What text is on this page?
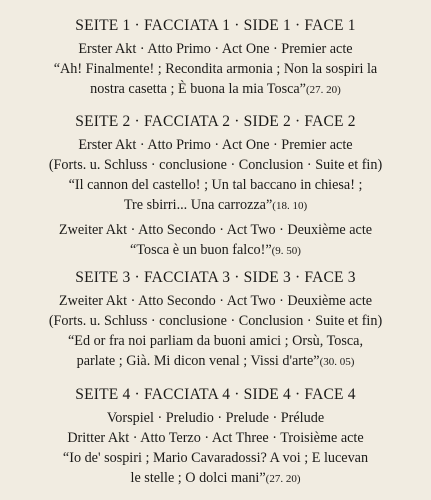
SEITE 1 · FACCIATA 1 · SIDE 1 · FACE 1

Erster Akt · Atto Primo · Act One · Premier acte

“Ah! Finalmente! ; Recondita armonia ; Non la sospiri la

nostra casetta ; È buona la mia Tosca”(27. 20)

SEITE 2 · FACCIATA 2 · SIDE 2 · FACE 2

Erster Akt · Atto Primo · Act One · Premier acte

(Forts. u. Schluss · conclusione · Conclusion · Suite et fin)

“Il cannon del castello! ; Un tal baccano in chiesa! ;

Tre sbirri... Una carrozza”(18. 10)

Zweiter Akt · Atto Secondo · Act Two · Deuxième acte

“Tosca è un buon falco!”(9. 50)

SEITE 3 · FACCIATA 3 · SIDE 3 · FACE 3

Zweiter Akt · Atto Secondo · Act Two · Deuxième acte

(Forts. u. Schluss · conclusione · Conclusion · Suite et fin)

“Ed or fra noi parliam da buoni amici ; Orsù, Tosca,

parlate ; Già. Mi dicon venal ; Vissi d'arte”(30. 05)

SEITE 4 · FACCIATA 4 · SIDE 4 · FACE 4

Vorspiel · Preludio · Prelude · Prélude

Dritter Akt · Atto Terzo · Act Three · Troisième acte

“Io de' sospiri ; Mario Cavaradossi? A voi ; E lucevan

le stelle ; O dolci mani”(27. 20)
